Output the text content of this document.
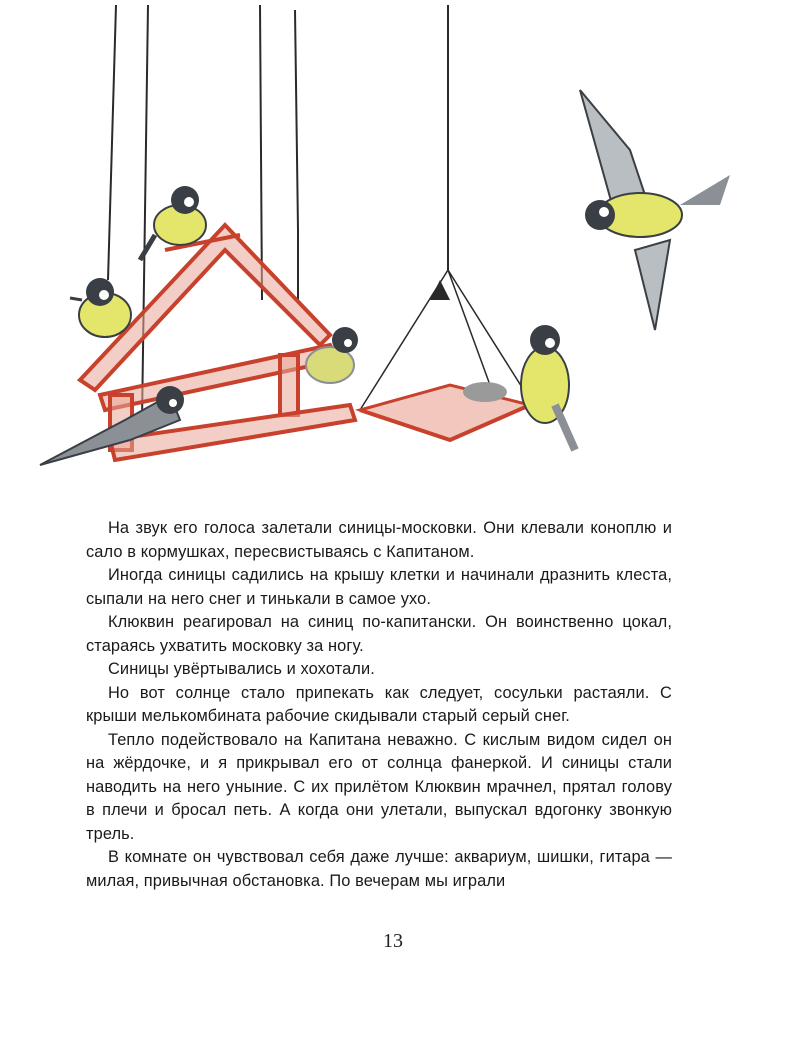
На звук его голоса залетали синицы-московки. Они клевали коноплю и сало в кормушках, пересвистываясь с Капитаном.

Иногда синицы садились на крышу клетки и начинали дразнить клеста, сыпали на него снег и тинькали в самое ухо.

Клюквин реагировал на синиц по-капитански. Он воинственно цокал, стараясь ухватить московку за ногу.

Синицы увёртывались и хохотали.

Но вот солнце стало припекать как следует, сосульки растаяли. С крыши мелькомбината рабочие скидывали старый серый снег.

Тепло подействовало на Капитана неважно. С кислым видом сидел он на жёрдочке, и я прикрывал его от солнца фанеркой. И синицы стали наводить на него уныние. С их прилётом Клюквин мрачнел, прятал голову в плечи и бросал петь. А когда они улетали, выпускал вдогонку звонкую трель.

В комнате он чувствовал себя даже лучше: аквариум, шишки, гитара — милая, привычная обстановка. По вечерам мы играли

13
